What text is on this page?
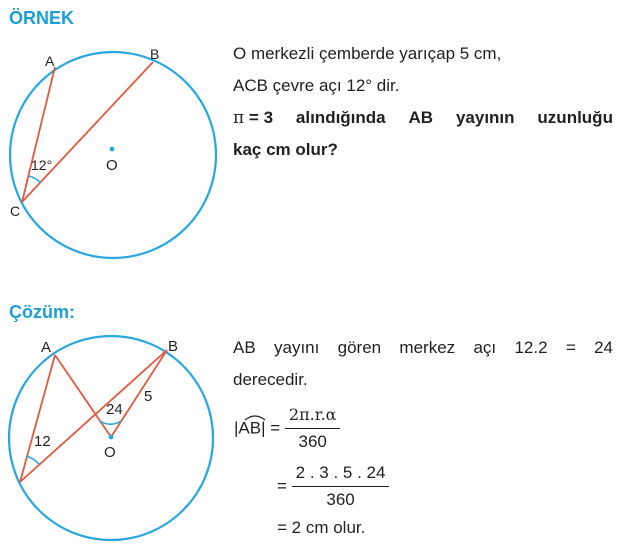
ÖRNEK
A	B
C
O
12°
O merkezli çemberde yarıçap 5 cm,
ACB çevre açı 12° dir.
π = 3 alındığında AB yayının uzunluğu
kaç cm olur?
Çözüm:
A	B
O
12
24
5
AB yayını gören merkez açı 12.2 = 24
derecedir.
$|AB| = \frac{2\pi.r.\alpha}{360}$
= $\frac{2 . 3 . 5 . 24}{360}$
= 2 cm olur.
